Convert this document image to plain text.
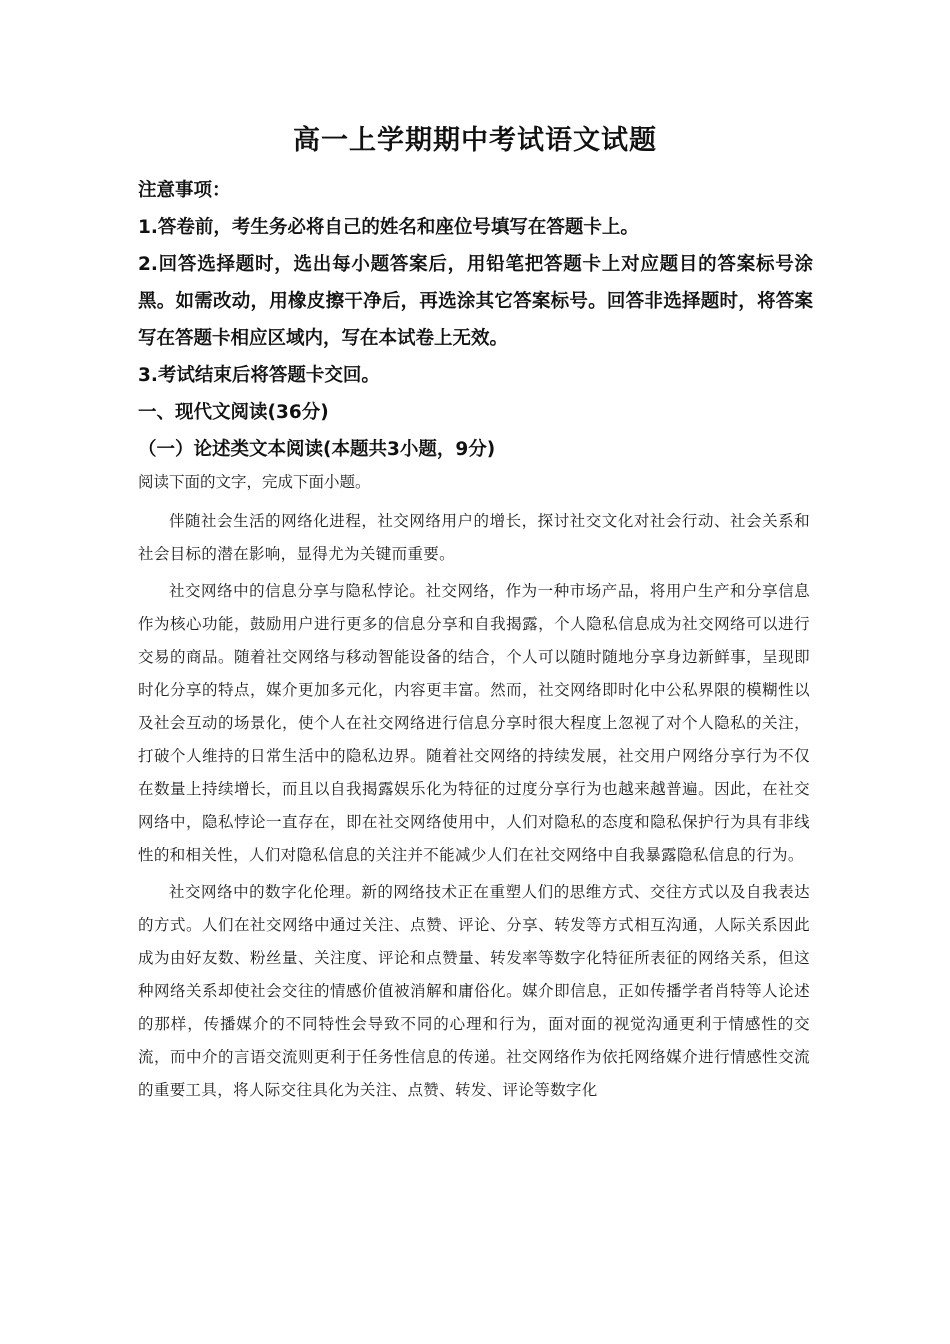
高一上学期期中考试语文试题

注意事项：

1.答卷前，考生务必将自己的姓名和座位号填写在答题卡上。

2.回答选择题时，选出每小题答案后，用铅笔把答题卡上对应题目的答案标号涂黑。如需改动，用橡皮擦干净后，再选涂其它答案标号。回答非选择题时，将答案写在答题卡相应区域内，写在本试卷上无效。

3.考试结束后将答题卡交回。

一、现代文阅读(36分)

（一）论述类文本阅读(本题共3小题，9分)

阅读下面的文字，完成下面小题。

伴随社会生活的网络化进程，社交网络用户的增长，探讨社交文化对社会行动、社会关系和社会目标的潜在影响，显得尤为关键而重要。

社交网络中的信息分享与隐私悖论。社交网络，作为一种市场产品，将用户生产和分享信息作为核心功能，鼓励用户进行更多的信息分享和自我揭露，个人隐私信息成为社交网络可以进行交易的商品。随着社交网络与移动智能设备的结合，个人可以随时随地分享身边新鲜事，呈现即时化分享的特点，媒介更加多元化，内容更丰富。然而，社交网络即时化中公私界限的模糊性以及社会互动的场景化，使个人在社交网络进行信息分享时很大程度上忽视了对个人隐私的关注，打破个人维持的日常生活中的隐私边界。随着社交网络的持续发展，社交用户网络分享行为不仅在数量上持续增长，而且以自我揭露娱乐化为特征的过度分享行为也越来越普遍。因此，在社交网络中，隐私悖论一直存在，即在社交网络使用中，人们对隐私的态度和隐私保护行为具有非线性的和相关性，人们对隐私信息的关注并不能减少人们在社交网络中自我暴露隐私信息的行为。

社交网络中的数字化伦理。新的网络技术正在重塑人们的思维方式、交往方式以及自我表达的方式。人们在社交网络中通过关注、点赞、评论、分享、转发等方式相互沟通，人际关系因此成为由好友数、粉丝量、关注度、评论和点赞量、转发率等数字化特征所表征的网络关系，但这种网络关系却使社会交往的情感价值被消解和庸俗化。媒介即信息，正如传播学者肖特等人论述的那样，传播媒介的不同特性会导致不同的心理和行为，面对面的视觉沟通更利于情感性的交流，而中介的言语交流则更利于任务性信息的传递。社交网络作为依托网络媒介进行情感性交流的重要工具，将人际交往具化为关注、点赞、转发、评论等数字化
